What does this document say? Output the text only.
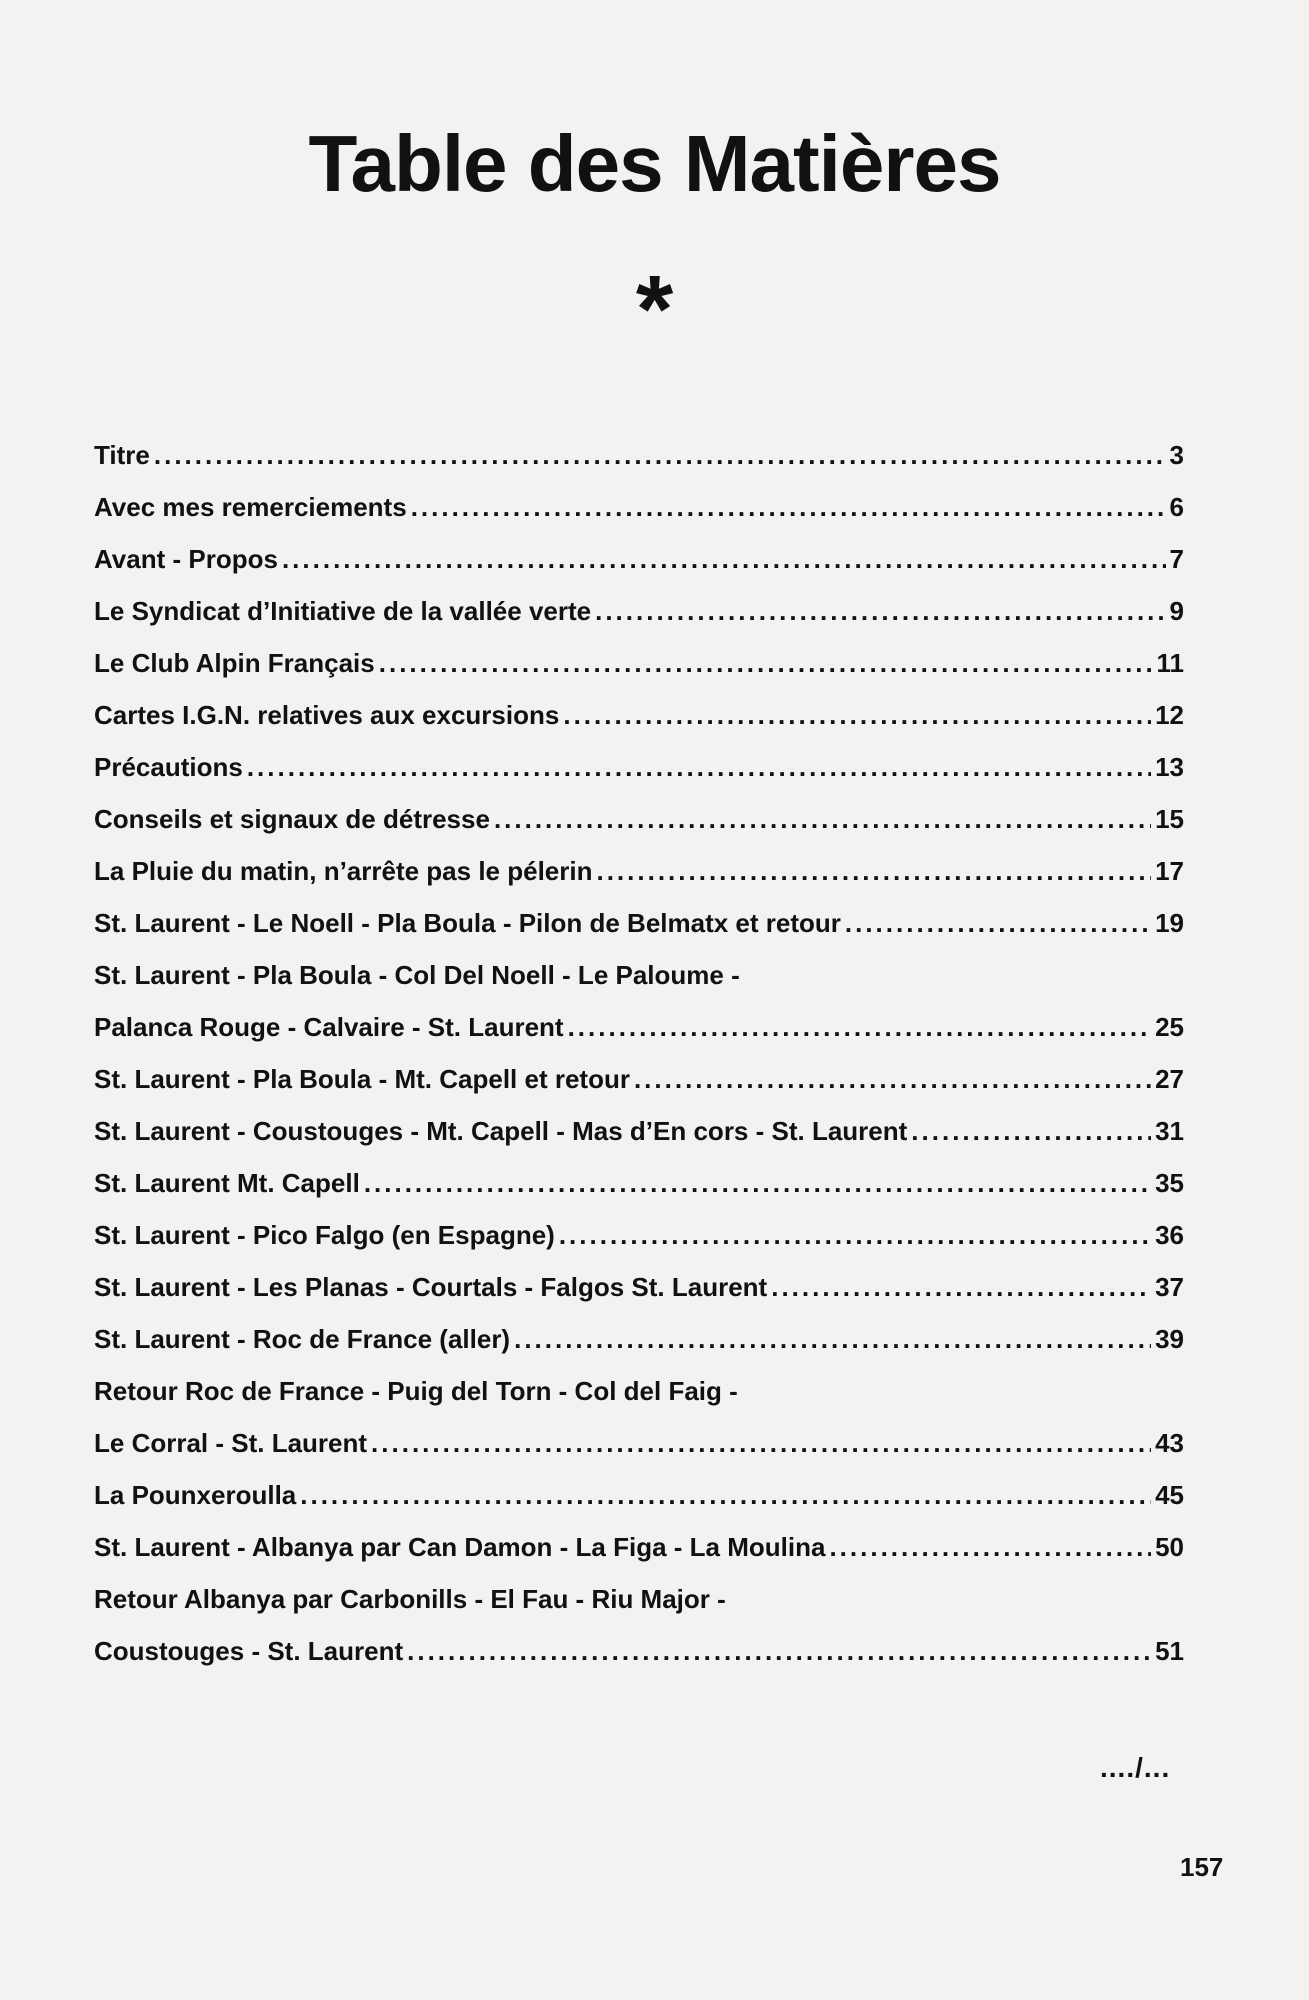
Table des Matières
*
Titre .....	3
Avec mes remerciements .....	6
Avant - Propos .....	7
Le Syndicat d’Initiative de la vallée verte .....	9
Le Club Alpin Français .....	11
Cartes I.G.N. relatives aux excursions .....	12
Précautions .....	13
Conseils et signaux de détresse .....	15
La Pluie du matin, n’arrête pas le pélerin .....	17
St. Laurent - Le Noell - Pla Boula - Pilon de Belmatx et retour .....	19
St. Laurent - Pla Boula - Col Del Noell - Le Paloume -
Palanca Rouge - Calvaire - St. Laurent .....	25
St. Laurent - Pla Boula - Mt. Capell et retour .....	27
St. Laurent - Coustouges - Mt. Capell - Mas d’En cors - St. Laurent .....	31
St. Laurent Mt. Capell .....	35
St. Laurent - Pico Falgo (en Espagne) .....	36
St. Laurent - Les Planas - Courtals - Falgos St. Laurent .....	37
St. Laurent - Roc de France (aller) .....	39
Retour Roc de France - Puig del Torn - Col del Faig -
Le Corral - St. Laurent .....	43
La Pounxeroulla .....	45
St. Laurent - Albanya par Can Damon - La Figa - La Moulina .....	50
Retour Albanya par Carbonills - El Fau - Riu Major -
Coustouges - St. Laurent .....	51
..../...
157
